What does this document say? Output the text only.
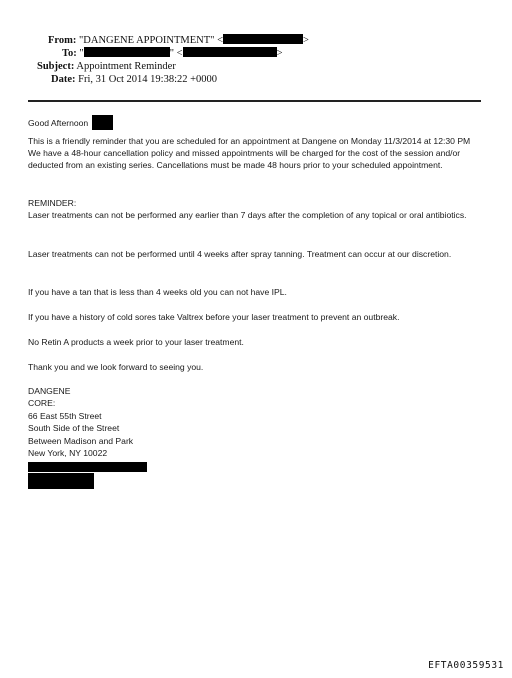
From: "DANGENE APPOINTMENT" <	>
To: "	" <	>
Subject: Appointment Reminder
Date: Fri, 31 Oct 2014 19:38:22 +0000
Good Afternoon

This is a friendly reminder that you are scheduled for an appointment at Dangene on Monday 11/3/2014 at 12:30 PM We have a 48-hour cancellation policy and missed appointments will be charged for the cost of the session and/or deducted from an existing series. Cancellations must be made 48 hours prior to your scheduled appointment.

REMINDER:

Laser treatments can not be performed any earlier than 7 days after the completion of any topical or oral antibiotics.

Laser treatments can not be performed until 4 weeks after spray tanning. Treatment can occur at our discretion.

If you have a tan that is less than 4 weeks old you can not have IPL.

If you have a history of cold sores take Valtrex before your laser treatment to prevent an outbreak.

No Retin A products a week prior to your laser treatment.

Thank you and we look forward to seeing you.

DANGENE

CORE:

66 East 55th Street

South Side of the Street

Between Madison and Park

New York, NY 10022

EFTA00359531
